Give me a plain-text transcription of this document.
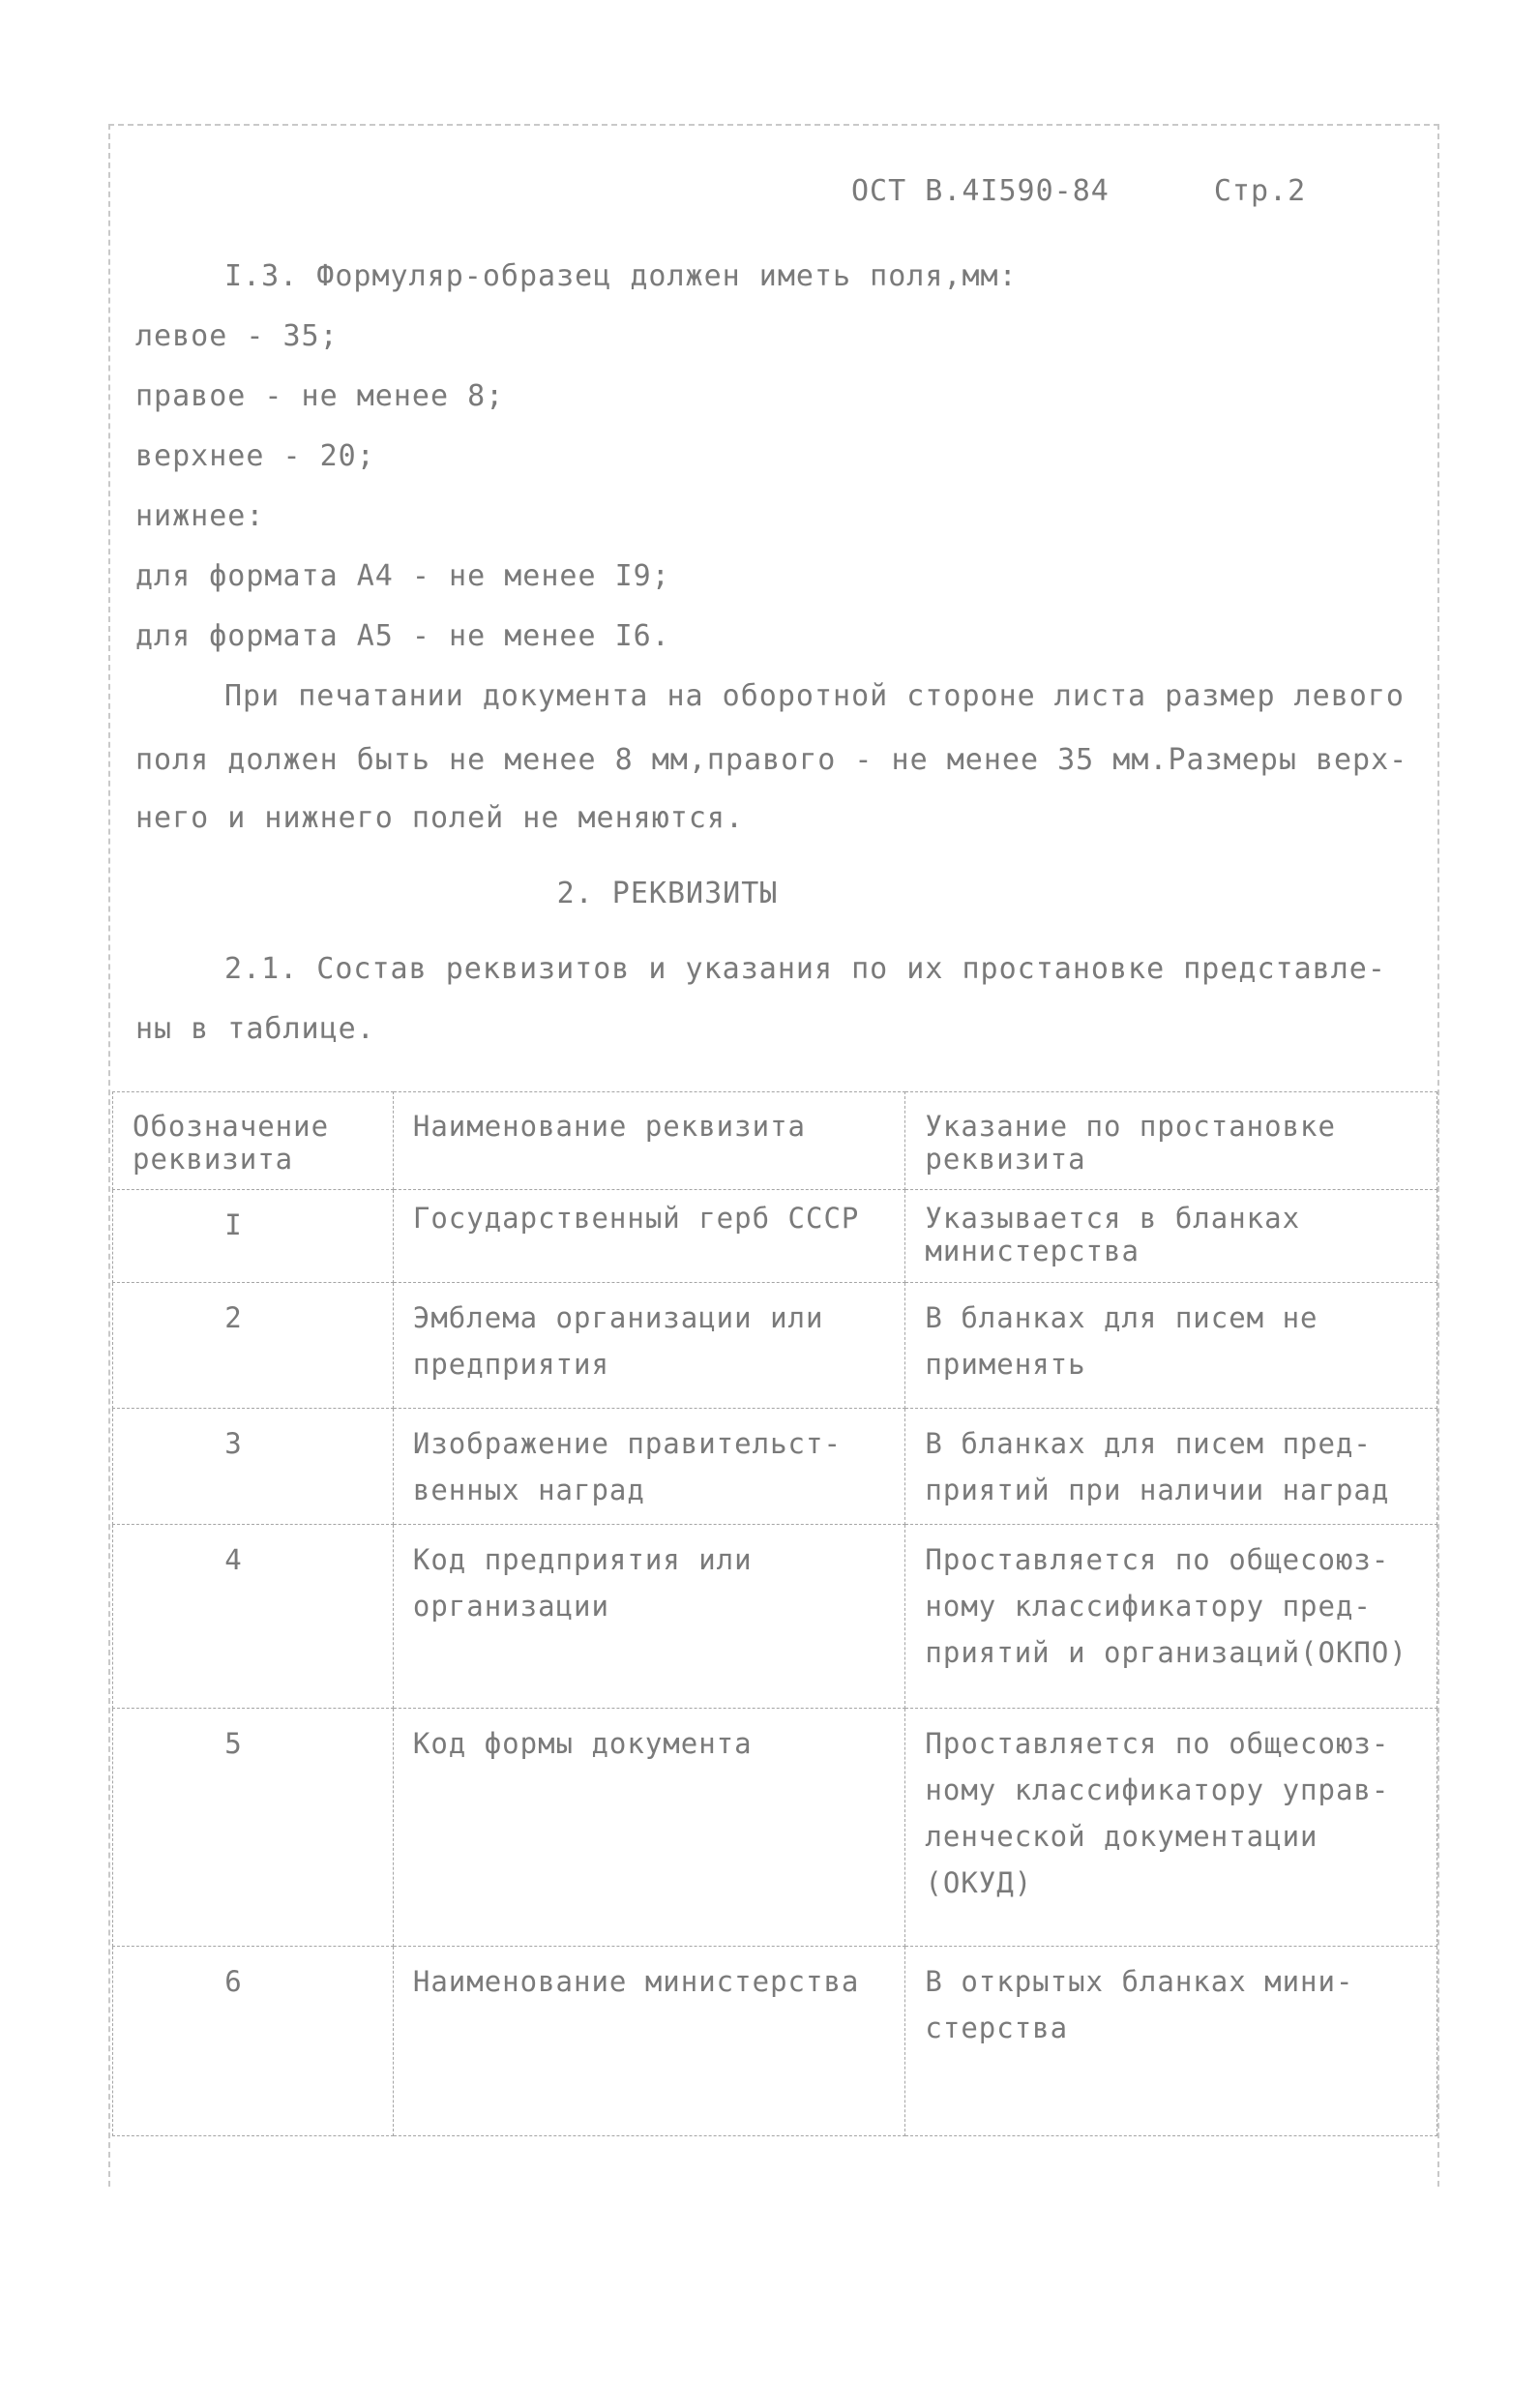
ОСТ В.4I590-84	Стр.2
I.3. Формуляр-образец должен иметь поля,мм:
левое - 35;
правое - не менее 8;
верхнее - 20;
нижнее:
для формата А4 - не менее I9;
для формата А5 - не менее I6.
При печатании документа на оборотной стороне листа размер левого
поля должен быть не менее 8 мм,правого - не менее 35 мм.Размеры верх-
него и нижнего полей не меняются.
2. РЕКВИЗИТЫ
2.1. Состав реквизитов и указания по их простановке представле-
ны в таблице.
Обозначение реквизита	Наименование реквизита	Указание по простановке реквизита
I	Государственный герб СССР	Указывается в бланках министерства
2	Эмблема организации или предприятия	В бланках для писем не применять
3	Изображение правительст-венных наград	В бланках для писем пред-приятий при наличии наград
4	Код предприятия или организации	Проставляется по общесоюз-ному классификатору пред-приятий и организаций(ОКПО)
5	Код формы документа	Проставляется по общесоюз-ному классификатору управ-ленческой документации (ОКУД)
6	Наименование министерства	В открытых бланках мини-стерства
